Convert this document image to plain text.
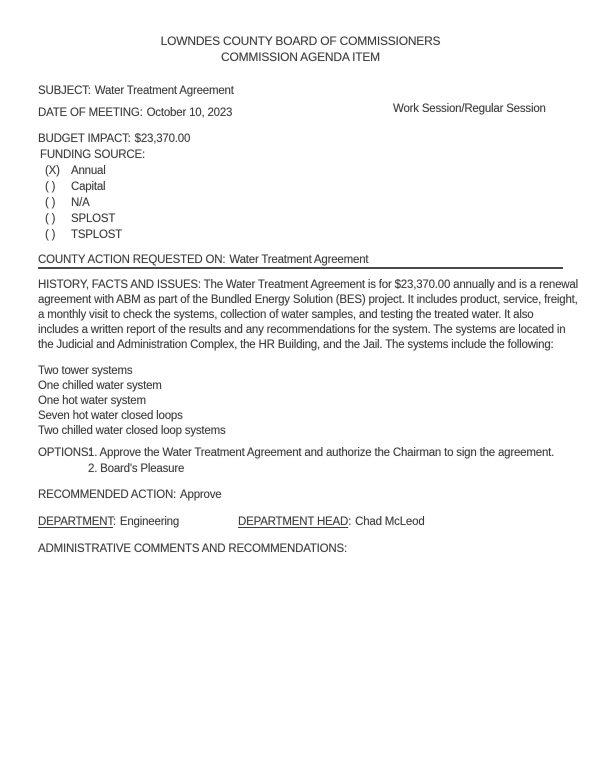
LOWNDES COUNTY BOARD OF COMMISSIONERS
COMMISSION AGENDA ITEM
SUBJECT: Water Treatment Agreement
DATE OF MEETING: October 10, 2023	Work Session/Regular Session
BUDGET IMPACT: $23,370.00
FUNDING SOURCE:
(X) Annual
( ) Capital
( ) N/A
( ) SPLOST
( ) TSPLOST
COUNTY ACTION REQUESTED ON: Water Treatment Agreement
HISTORY, FACTS AND ISSUES: The Water Treatment Agreement is for $23,370.00 annually and is a renewal
agreement with ABM as part of the Bundled Energy Solution (BES) project. It includes product, service, freight,
a monthly visit to check the systems, collection of water samples, and testing the treated water. It also
includes a written report of the results and any recommendations for the system. The systems are located in
the Judicial and Administration Complex, the HR Building, and the Jail. The systems include the following:
Two tower systems
One chilled water system
One hot water system
Seven hot water closed loops
Two chilled water closed loop systems
OPTIONS:
1. Approve the Water Treatment Agreement and authorize the Chairman to sign the agreement.
2. Board's Pleasure
RECOMMENDED ACTION: Approve
DEPARTMENT: Engineering	DEPARTMENT HEAD: Chad McLeod
ADMINISTRATIVE COMMENTS AND RECOMMENDATIONS:
